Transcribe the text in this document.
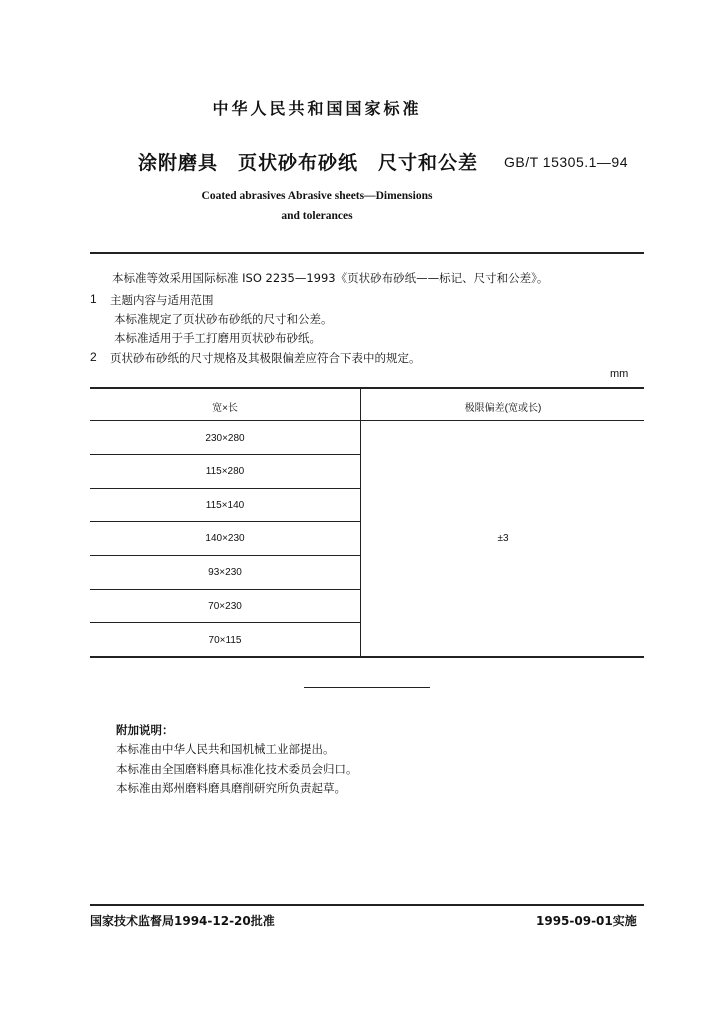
中华人民共和国国家标准
涂附磨具　页状砂布砂纸　尺寸和公差 GB/T 15305.1—94
Coated abrasives Abrasive sheets—Dimensions
and tolerances
本标准等效采用国际标准 ISO 2235—1993《页状砂布砂纸——标记、尺寸和公差》。
1 主题内容与适用范围
本标准规定了页状砂布砂纸的尺寸和公差。
本标准适用于手工打磨用页状砂布砂纸。
2 页状砂布砂纸的尺寸规格及其极限偏差应符合下表中的规定。
mm
宽×长	极限偏差(宽或长)
230×280
115×280
115×140
140×230
93×230
70×230
70×115
±3
附加说明：
本标准由中华人民共和国机械工业部提出。
本标准由全国磨料磨具标准化技术委员会归口。
本标准由郑州磨料磨具磨削研究所负责起草。
国家技术监督局1994-12-20批准	1995-09-01实施
